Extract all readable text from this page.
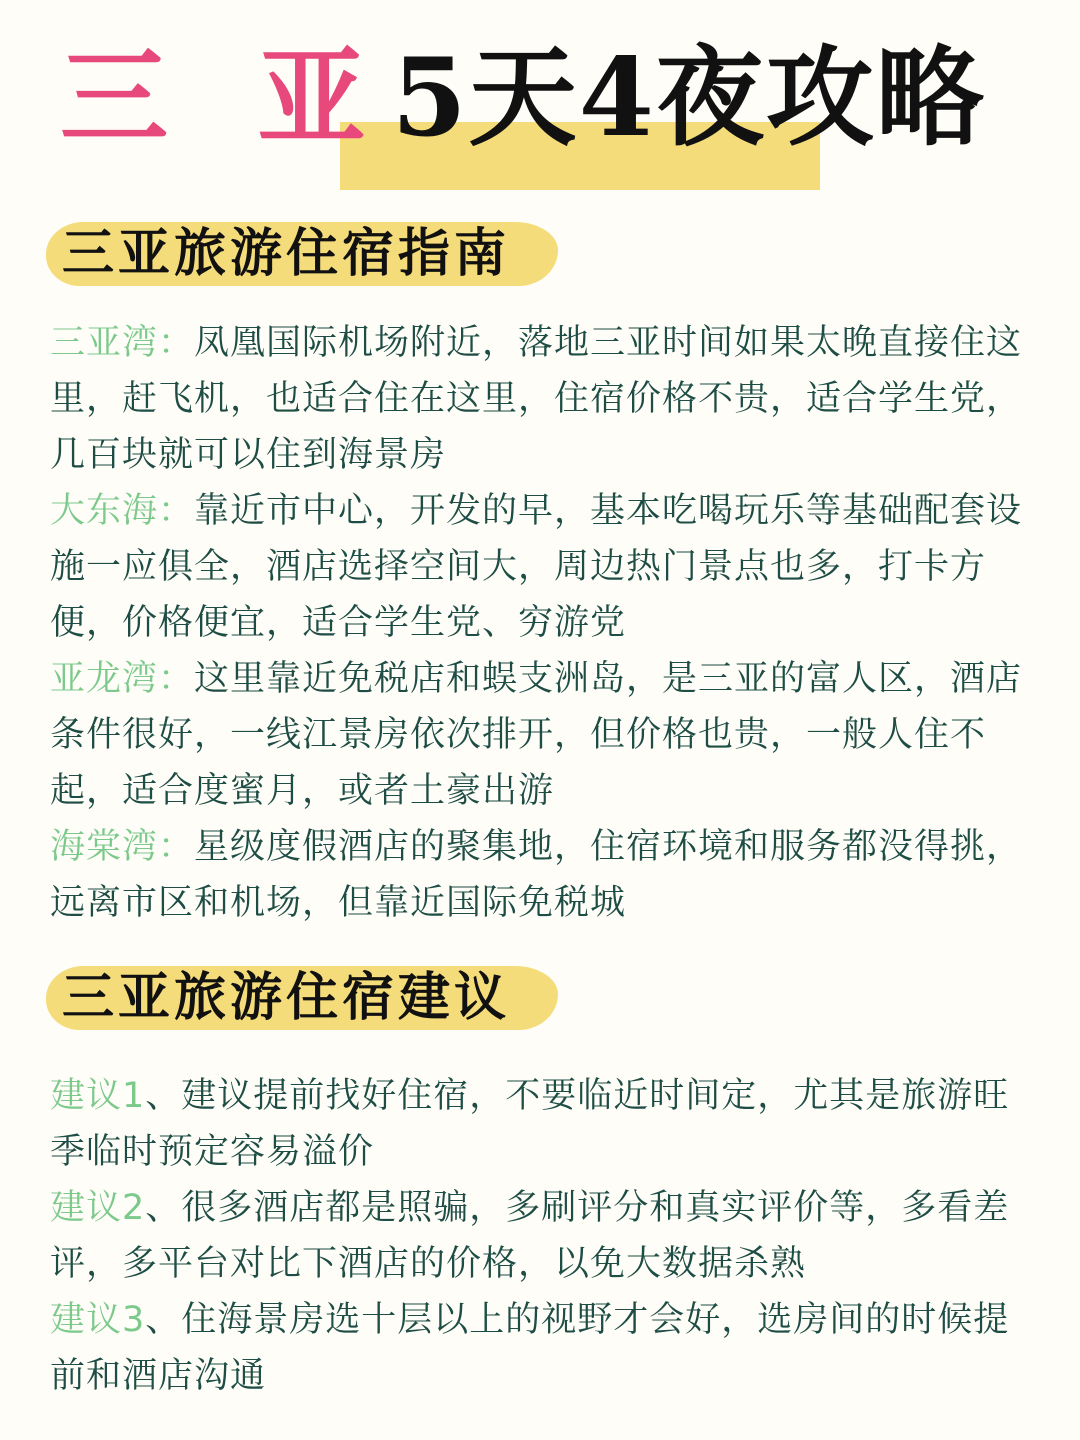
三 亚5天4夜攻略
三亚旅游住宿指南

三亚湾：凤凰国际机场附近，落地三亚时间如果太晚直接住这里，赶飞机，也适合住在这里，住宿价格不贵，适合学生党，几百块就可以住到海景房

大东海：靠近市中心，开发的早，基本吃喝玩乐等基础配套设施一应俱全，酒店选择空间大，周边热门景点也多，打卡方便，价格便宜，适合学生党、穷游党

亚龙湾：这里靠近免税店和蜈支洲岛，是三亚的富人区，酒店条件很好，一线江景房依次排开，但价格也贵，一般人住不起，适合度蜜月，或者土豪出游

海棠湾：星级度假酒店的聚集地，住宿环境和服务都没得挑，远离市区和机场，但靠近国际免税城

三亚旅游住宿建议

建议1、建议提前找好住宿，不要临近时间定，尤其是旅游旺季临时预定容易溢价

建议2、很多酒店都是照骗，多刷评分和真实评价等，多看差评，多平台对比下酒店的价格，以免大数据杀熟

建议3、住海景房选十层以上的视野才会好，选房间的时候提前和酒店沟通
